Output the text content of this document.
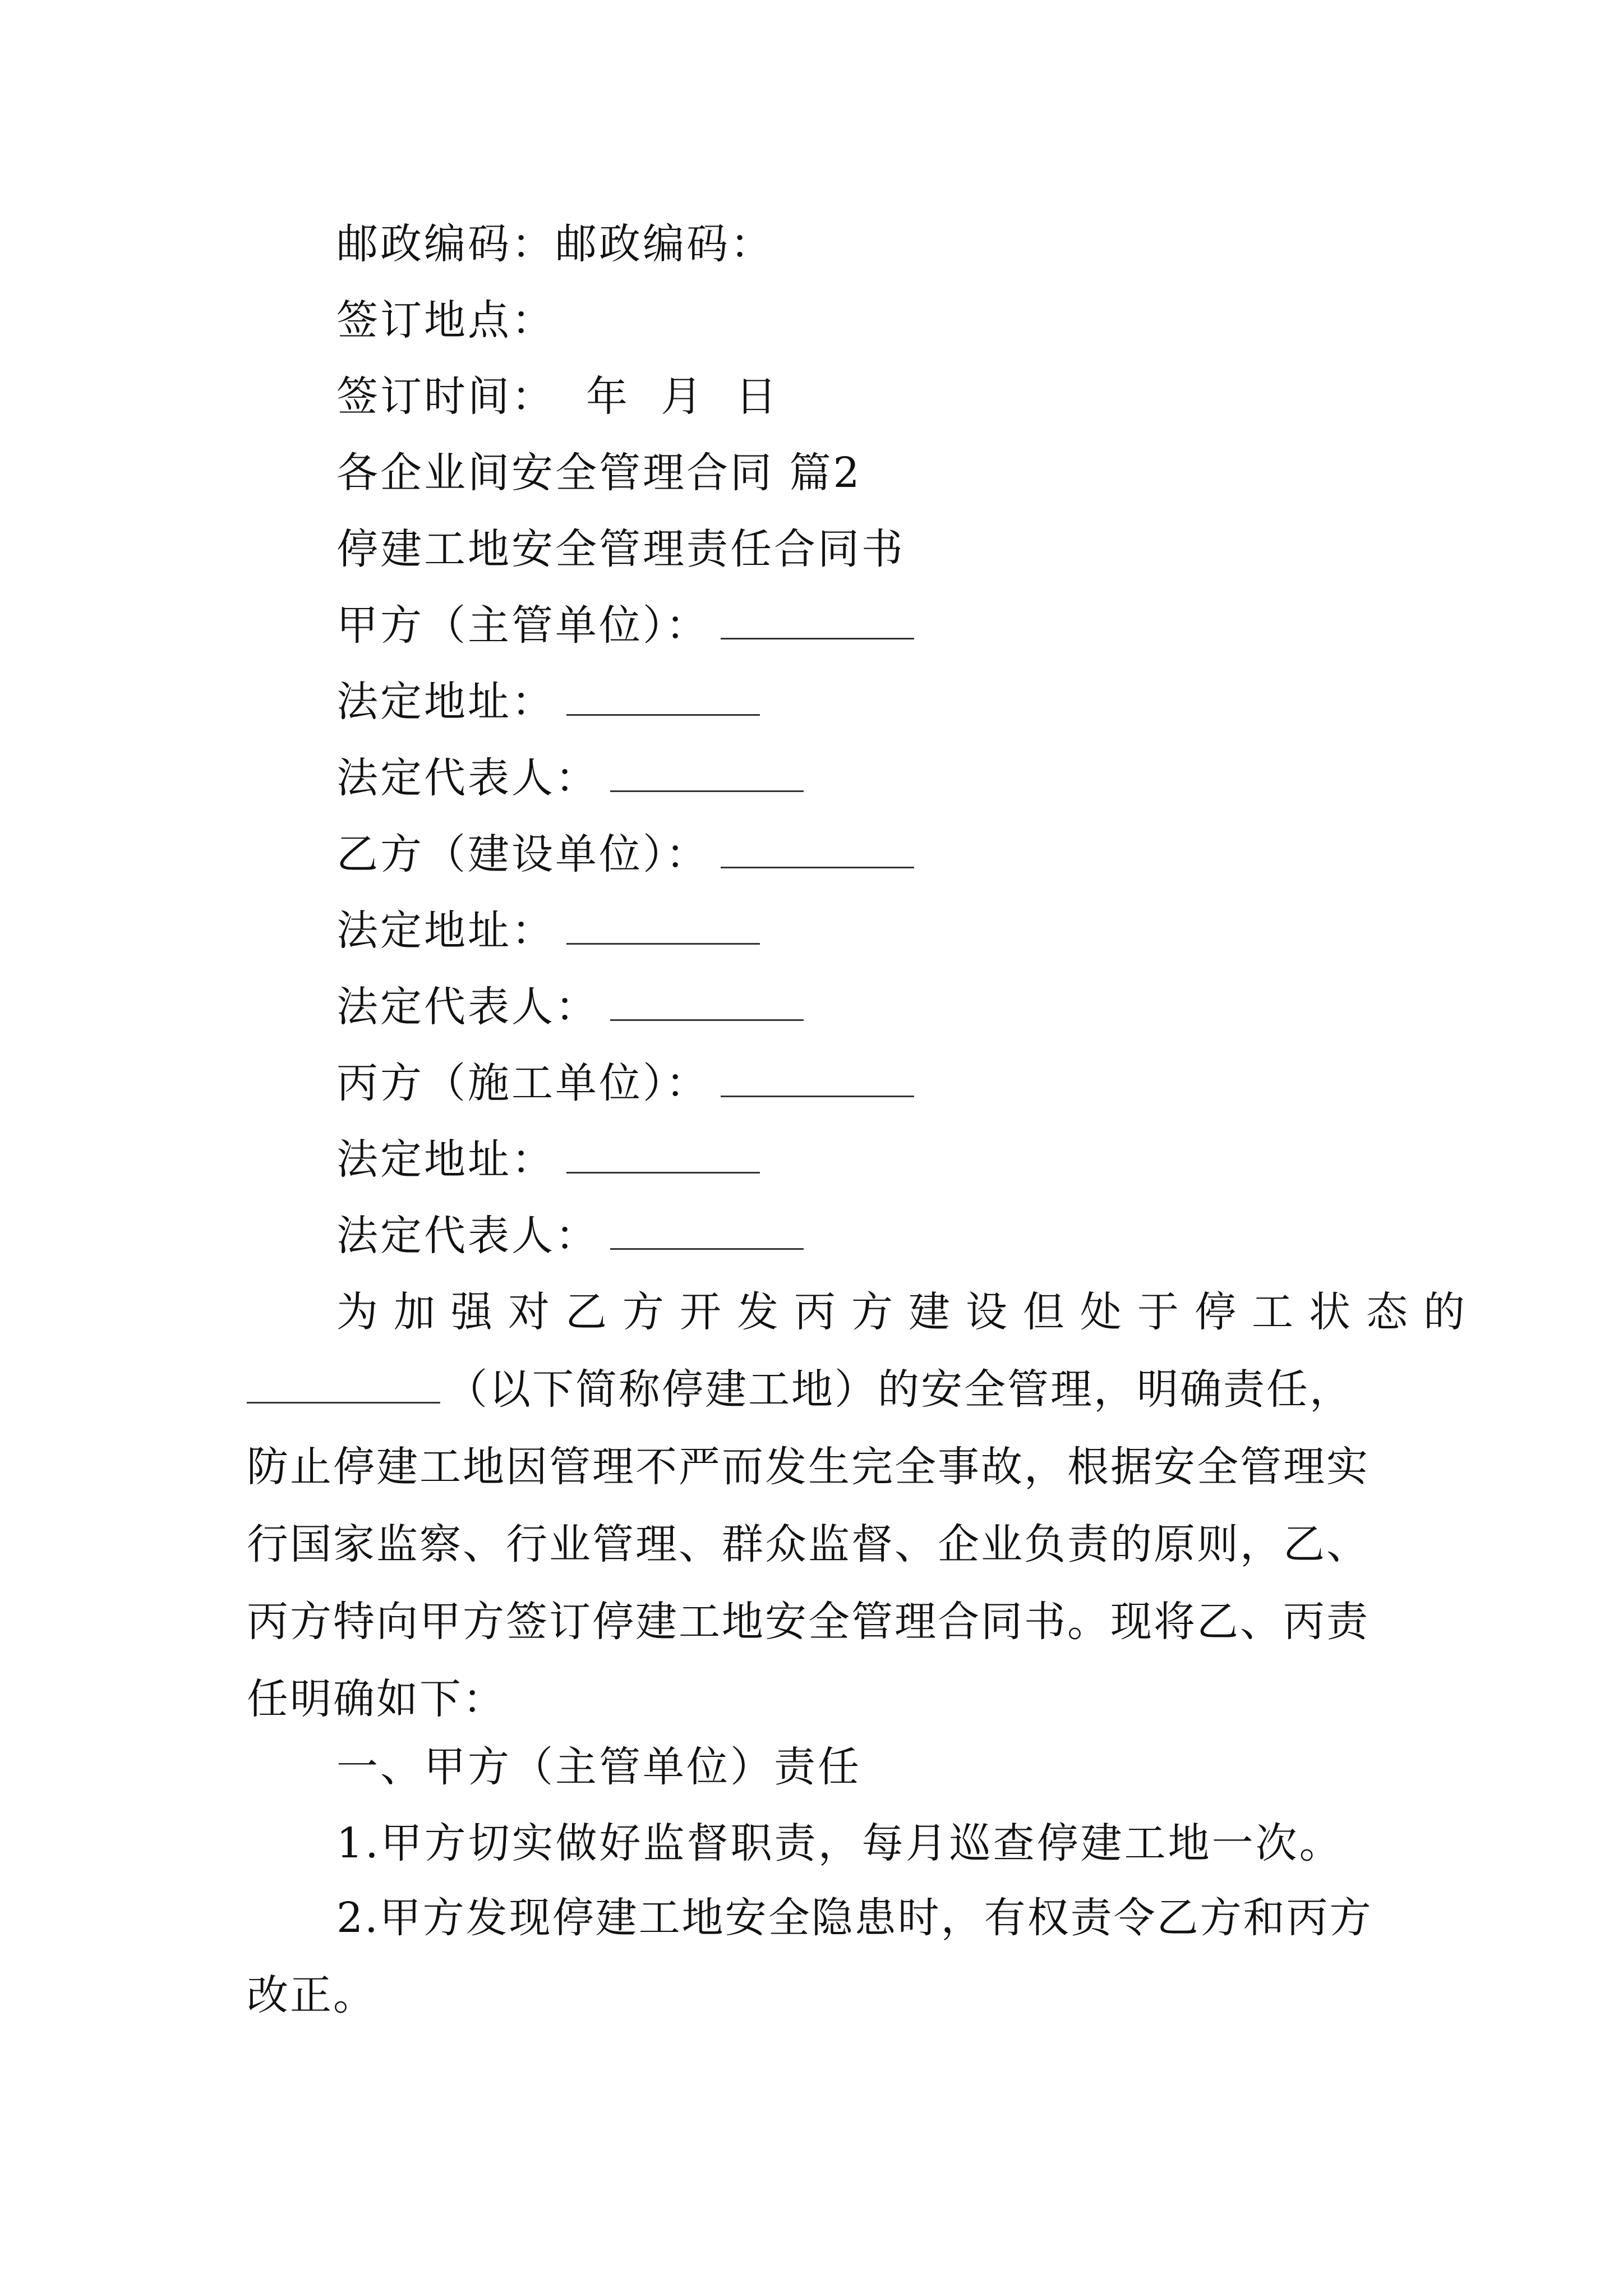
邮政编码：邮政编码：
签订地点：
签订时间：  年  月  日
各企业间安全管理合同 篇2
停建工地安全管理责任合同书
甲方（主管单位）：
法定地址：
法定代表人：
乙方（建设单位）：
法定地址：
法定代表人：
丙方（施工单位）：
法定地址：
法定代表人：
为加强对乙方开发丙方建设但处于停工状态的
（以下简称停建工地）的安全管理，明确责任，
防止停建工地因管理不严而发生完全事故，根据安全管理实
行国家监察、行业管理、群众监督、企业负责的原则，乙、
丙方特向甲方签订停建工地安全管理合同书。现将乙、丙责
任明确如下：
一、甲方（主管单位）责任
1.甲方切实做好监督职责，每月巡查停建工地一次。
2.甲方发现停建工地安全隐患时，有权责令乙方和丙方
改正。
